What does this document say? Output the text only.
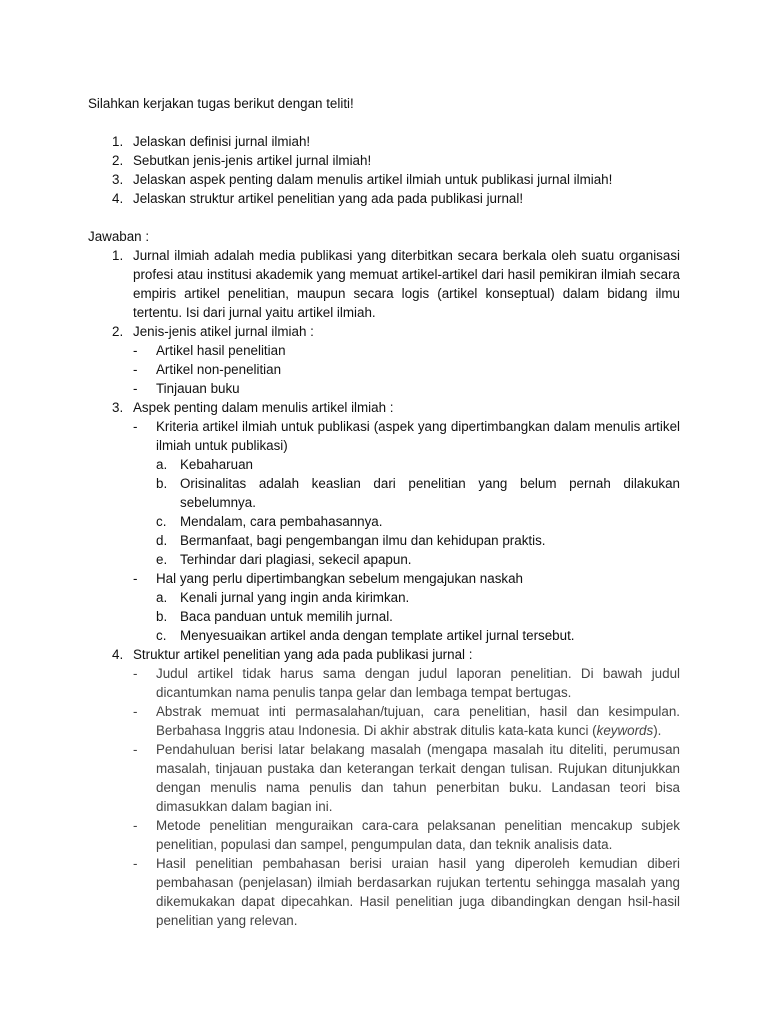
Silahkan kerjakan tugas berikut dengan teliti!
1. Jelaskan definisi jurnal ilmiah!
2. Sebutkan jenis-jenis artikel jurnal ilmiah!
3. Jelaskan aspek penting dalam menulis artikel ilmiah untuk publikasi jurnal ilmiah!
4. Jelaskan struktur artikel penelitian yang ada pada publikasi jurnal!
Jawaban :
1. Jurnal ilmiah adalah media publikasi yang diterbitkan secara berkala oleh suatu organisasi profesi atau institusi akademik yang memuat artikel-artikel dari hasil pemikiran ilmiah secara empiris artikel penelitian, maupun secara logis (artikel konseptual) dalam bidang ilmu tertentu. Isi dari jurnal yaitu artikel ilmiah.
2. Jenis-jenis atikel jurnal ilmiah :
-	Artikel hasil penelitian
-	Artikel non-penelitian
-	Tinjauan buku
3. Aspek penting dalam menulis artikel ilmiah :
-	Kriteria artikel ilmiah untuk publikasi (aspek yang dipertimbangkan dalam menulis artikel ilmiah untuk publikasi)
a. Kebaharuan
b. Orisinalitas adalah keaslian dari penelitian yang belum pernah dilakukan sebelumnya.
c.	Mendalam, cara pembahasannya.
d. Bermanfaat, bagi pengembangan ilmu dan kehidupan praktis.
e. Terhindar dari plagiasi, sekecil apapun.
-	Hal yang perlu dipertimbangkan sebelum mengajukan naskah
a. Kenali jurnal yang ingin anda kirimkan.
b. Baca panduan untuk memilih jurnal.
c.	Menyesuaikan artikel anda dengan template artikel jurnal tersebut.
4. Struktur artikel penelitian yang ada pada publikasi jurnal :
-	Judul artikel tidak harus sama dengan judul laporan penelitian. Di bawah judul dicantumkan nama penulis tanpa gelar dan lembaga tempat bertugas.
-	Abstrak memuat inti permasalahan/tujuan, cara penelitian, hasil dan kesimpulan. Berbahasa Inggris atau Indonesia. Di akhir abstrak ditulis kata-kata kunci (keywords).
-	Pendahuluan berisi latar belakang masalah (mengapa masalah itu diteliti, perumusan masalah, tinjauan pustaka dan keterangan terkait dengan tulisan. Rujukan ditunjukkan dengan menulis nama penulis dan tahun penerbitan buku. Landasan teori bisa dimasukkan dalam bagian ini.
-	Metode penelitian menguraikan cara-cara pelaksanan penelitian mencakup subjek penelitian, populasi dan sampel, pengumpulan data, dan teknik analisis data.
-	Hasil penelitian pembahasan berisi uraian hasil yang diperoleh kemudian diberi pembahasan (penjelasan) ilmiah berdasarkan rujukan tertentu sehingga masalah yang dikemukakan dapat dipecahkan. Hasil penelitian juga dibandingkan dengan hsil-hasil penelitian yang relevan.
